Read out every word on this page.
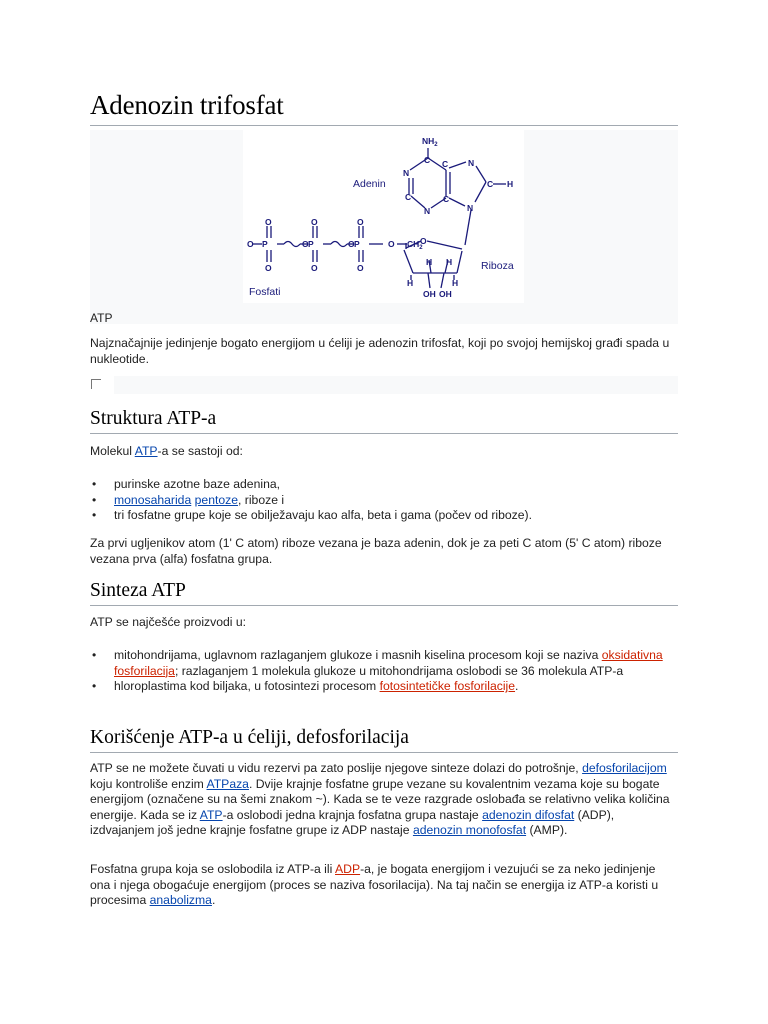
Adenozin trifosfat
$NH_2$
C
N
C N
C
N
C
C H
N
O P
O
O
O P
O
O
O P
O
O
O $CH_2$
O
H	H
H H
OH OH
Adenin
Riboza
Fosfati
ATP

Najznačajnije jedinjenje bogato energijom u ćeliji je adenozin trifosfat, koji po svojoj hemijskoj građi spada u nukleotide.

Struktura ATP-a

Molekul ATP-a se sastoji od:

• purinske azotne baze adenina,
• monosaharida pentoze, riboze i
• tri fosfatne grupe koje se obilježavaju kao alfa, beta i gama (počev od riboze).

Za prvi ugljenikov atom (1' C atom) riboze vezana je baza adenin, dok je za peti C atom (5' C atom) riboze vezana prva (alfa) fosfatna grupa.

Sinteza ATP

ATP se najčešće proizvodi u:

• mitohondrijama, uglavnom razlaganjem glukoze i masnih kiselina procesom koji se naziva oksidativna fosforilacija; razlaganjem 1 molekula glukoze u mitohondrijama oslobodi se 36 molekula ATP-a
• hloroplastima kod biljaka, u fotosintezi procesom fotosintetičke fosforilacije.
Korišćenje ATP-a u ćeliji, defosforilacija

ATP se ne možete čuvati u vidu rezervi pa zato poslije njegove sinteze dolazi do potrošnje, defosforilacijom koju kontroliše enzim ATPaza. Dvije krajnje fosfatne grupe vezane su kovalentnim vezama koje su bogate energijom (označene su na šemi znakom ~). Kada se te veze razgrade oslobađa se relativno velika količina energije. Kada se iz ATP-a oslobodi jedna krajnja fosfatna grupa nastaje adenozin difosfat (ADP), izdvajanjem još jedne krajnje fosfatne grupe iz ADP nastaje adenozin monofosfat (AMP).

Fosfatna grupa koja se oslobodila iz ATP-a ili ADP-a, je bogata energijom i vezujući se za neko jedinjenje ona i njega obogaćuje energijom (proces se naziva fosorilacija). Na taj način se energija iz ATP-a koristi u procesima anabolizma.
